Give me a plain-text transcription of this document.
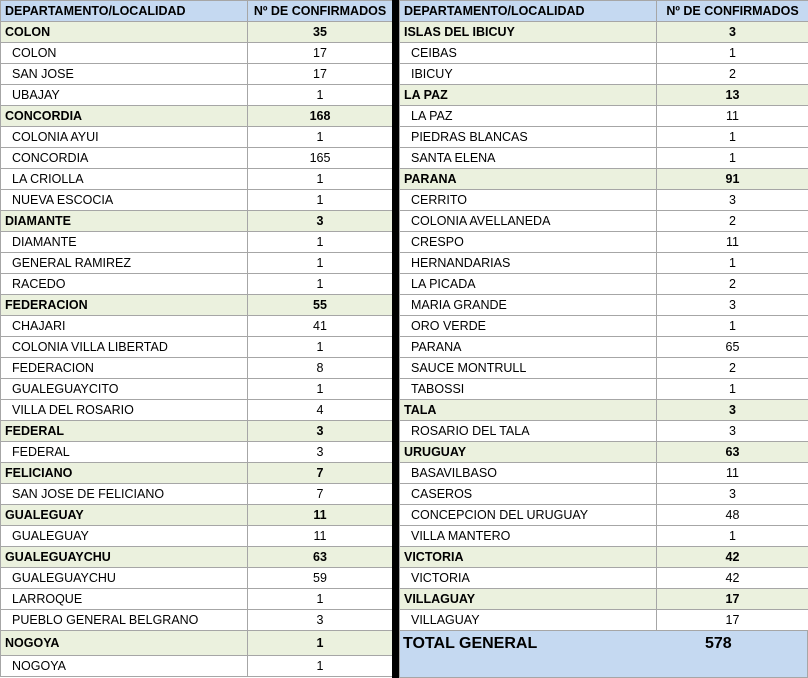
DEPARTAMENTO/LOCALIDAD	Nº DE CONFIRMADOS
COLON	35
COLON	17
SAN JOSE	17
UBAJAY	1
CONCORDIA	168
COLONIA AYUI	1
CONCORDIA	165
LA CRIOLLA	1
NUEVA ESCOCIA	1
DIAMANTE	3
DIAMANTE	1
GENERAL RAMIREZ	1
RACEDO	1
FEDERACION	55
CHAJARI	41
COLONIA VILLA LIBERTAD	1
FEDERACION	8
GUALEGUAYCITO	1
VILLA DEL ROSARIO	4
FEDERAL	3
FEDERAL	3
FELICIANO	7
SAN JOSE DE FELICIANO	7
GUALEGUAY	11
GUALEGUAY	11
GUALEGUAYCHU	63
GUALEGUAYCHU	59
LARROQUE	1
PUEBLO GENERAL BELGRANO	3
NOGOYA	1
NOGOYA	1
DEPARTAMENTO/LOCALIDAD	Nº DE CONFIRMADOS
ISLAS DEL IBICUY	3
CEIBAS	1
IBICUY	2
LA PAZ	13
LA PAZ	11
PIEDRAS BLANCAS	1
SANTA ELENA	1
PARANA	91
CERRITO	3
COLONIA AVELLANEDA	2
CRESPO	11
HERNANDARIAS	1
LA PICADA	2
MARIA GRANDE	3
ORO VERDE	1
PARANA	65
SAUCE MONTRULL	2
TABOSSI	1
TALA	3
ROSARIO DEL TALA	3
URUGUAY	63
BASAVILBASO	11
CASEROS	3
CONCEPCION DEL URUGUAY	48
VILLA MANTERO	1
VICTORIA	42
VICTORIA	42
VILLAGUAY	17
VILLAGUAY	17
TOTAL GENERAL	578
